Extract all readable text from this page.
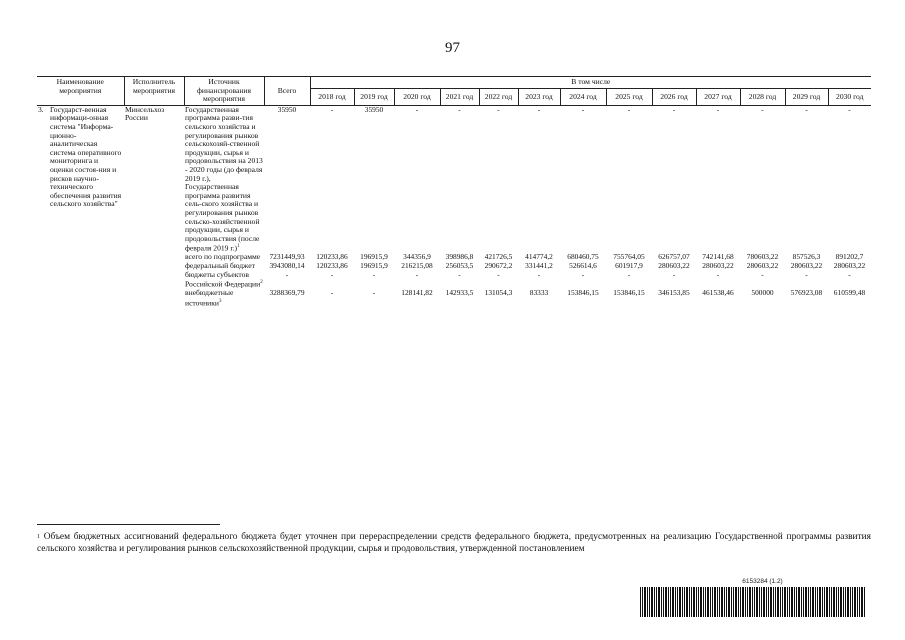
97
Наименование мероприятия	Исполнитель мероприятия	Источник финансирования мероприятия	Всего	В том числе												
				2018 год	2019 год	2020 год	2021 год	2022 год	2023 год	2024 год	2025 год	2026 год	2027 год	2028 год	2029 год	2030 год
3. Государст-венная информаци-онная система "Информа-ционно-аналитическая система оперативного мониторинга и оценки состоя-ния и рисков научно-технического обеспечения развития сельского хозяйства"	Минсельхоз России	Государственная программа разви-тия сельского хозяйства и регулирования рынков сельскохозяй-ственной продукции, сырья и продовольствия на 2013 - 2020 годы (до февраля 2019 г.), Государственная программа развития сель-ского хозяйства и регулирования рынков сельско-хозяйственной продукции, сырья и продовольствия (после февраля 2019 г.)$^1$	35950	-	35950	-	-	-	-	-	-	-	-	-	-	-
		всего по подпрограмме	7231449,93	120233,86	196915,9	344356,9	398986,8	421726,5	414774,2	680460,75	755764,05	626757,07	742141,68	780603,22	857526,3	891202,7
		федеральный бюджет	3943080,14	120233,86	196915,9	216215,08	256053,5	290672,2	331441,2	526614,6	601917,9	280603,22	280603,22	280603,22	280603,22	280603,22
		бюджеты субъектов Российской Федерации$^2$	-	-	-	-	-	-	-	-	-	-	-	-	-	-
		внебюджетные источники$^3$	3288369,79	-	-	128141,82	142933,5	131054,3	83333	153846,15	153846,15	346153,85	461538,46	500000	576923,08	610599,48
$^1$ Объем бюджетных ассигнований федерального бюджета будет уточнен при перераспределении средств федерального бюджета, предусмотренных на реализацию Государственной программы развития сельского хозяйства и регулирования рынков сельскохозяйственной продукции, сырья и продовольствия, утвержденной постановлением
6153284 (1.2)
